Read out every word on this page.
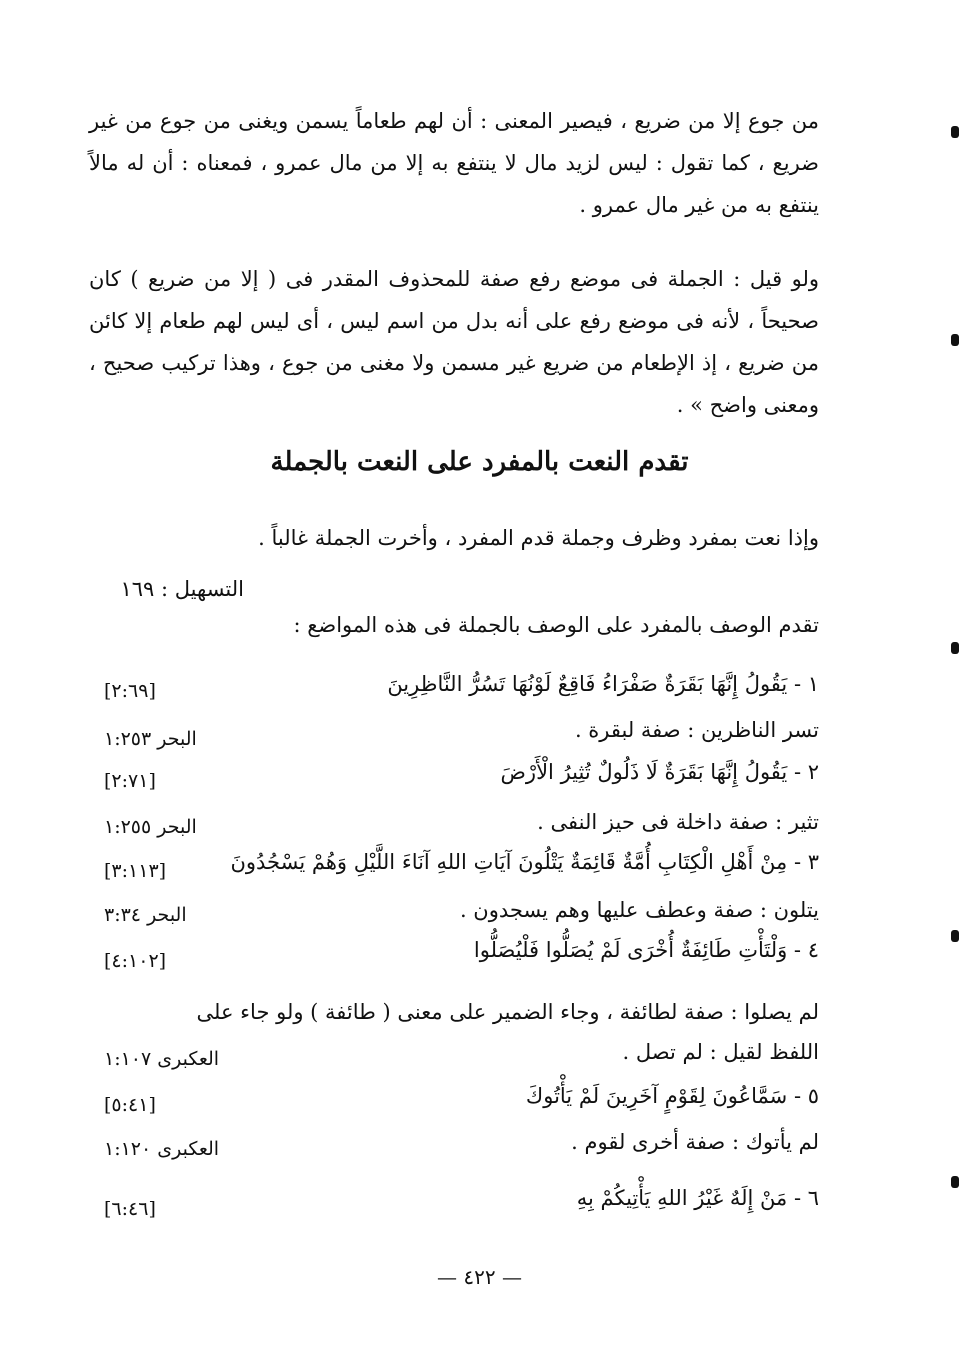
من جوع إلا من ضريع ، فيصير المعنى : أن لهم طعاماً يسمن ويغنى من جوع من غير ضريع ، كما تقول : ليس لزيد مال لا ينتفع به إلا من مال عمرو ، فمعناه : أن له مالاً ينتفع به من غير مال عمرو .

ولو قيل : الجملة فى موضع رفع صفة للمحذوف المقدر فى ( إلا من ضريع ) كان صحيحاً ، لأنه فى موضع رفع على أنه بدل من اسم ليس ، أى ليس لهم طعام إلا كائن من ضريع ، إذ الإطعام من ضريع غير مسمن ولا مغنى من جوع ، وهذا تركيب صحيح ، ومعنى واضح » .

تقدم النعت بالمفرد على النعت بالجملة
وإذا نعت بمفرد وظرف وجملة قدم المفرد ، وأخرت الجملة غالباً .
التسهيل : ١٦٩
تقدم الوصف بالمفرد على الوصف بالجملة فى هذه المواضع :
١ - يَقُولُ إِنَّهَا بَقَرَةٌ صَفْرَاءُ فَاقِعٌ لَوْنُهَا تَسُرُّ النَّاظِرِينَ
[٢:٦٩]
تسر الناظرين : صفة لبقرة .
البحر ١:٢٥٣
٢ - يَقُولُ إِنَّهَا بَقَرَةٌ لَا ذَلُولٌ تُثِيرُ الْأَرْضَ
[٢:٧١]
تثير : صفة داخلة فى حيز النفى .
البحر ١:٢٥٥
٣ - مِنْ أَهْلِ الْكِتَابِ أُمَّةٌ قَائِمَةٌ يَتْلُونَ آيَاتِ اللهِ آنَاءَ اللَّيْلِ وَهُمْ يَسْجُدُونَ
[٣:١١٣]
يتلون : صفة وعطف عليها وهم يسجدون .
البحر ٣:٣٤
٤ - وَلْتَأْتِ طَائِفَةٌ أُخْرَى لَمْ يُصَلُّوا فَلْيُصَلُّوا
[٤:١٠٢]
لم يصلوا : صفة لطائفة ، وجاء الضمير على معنى ( طائفة ) ولو جاء على
اللفظ لقيل : لم تصل .
العكبرى ١:١٠٧
٥ - سَمَّاعُونَ لِقَوْمٍ آخَرِينَ لَمْ يَأْتُوكَ
[٥:٤١]
لم يأتوك : صفة أخرى لقوم .
العكبرى ١:١٢٠
٦ - مَنْ إِلَهٌ غَيْرُ اللهِ يَأْتِيكُمْ بِهِ
[٦:٤٦]
— ٤٢٢ —
